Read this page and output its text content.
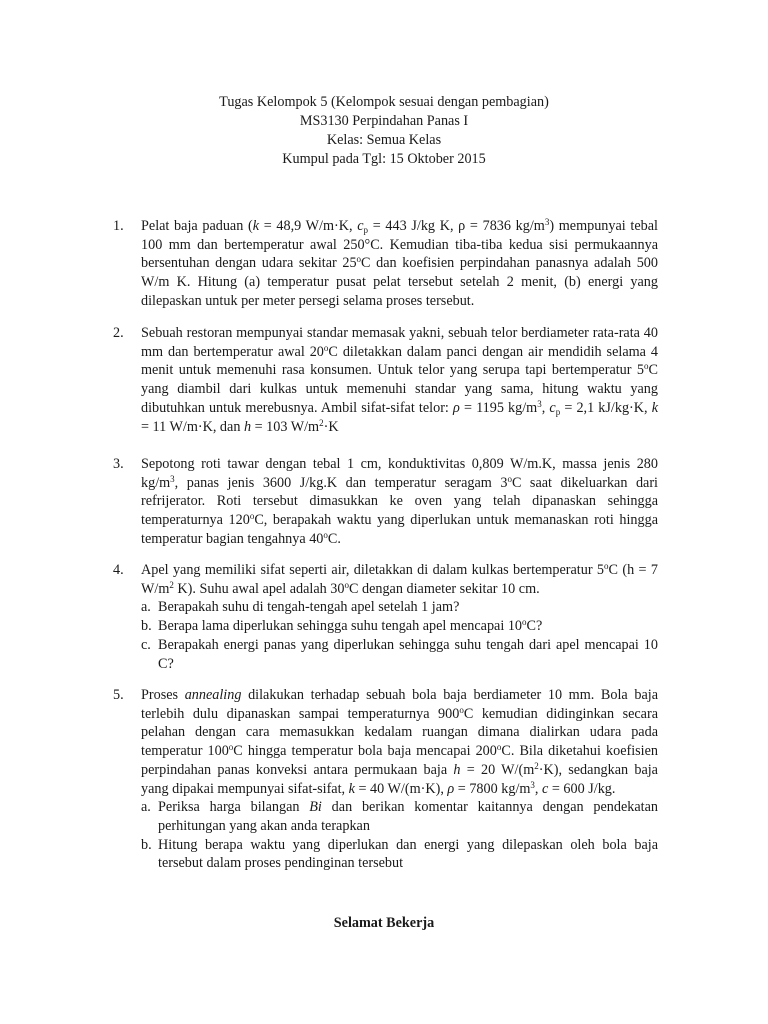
Tugas Kelompok 5 (Kelompok sesuai dengan pembagian)
MS3130 Perpindahan Panas I
Kelas: Semua Kelas
Kumpul pada Tgl: 15 Oktober 2015
1. Pelat baja paduan (k = 48,9 W/m·K, $c_p = 443$ J/kg K, ρ = 7836 $kg/m^3$) mempunyai tebal 100 mm dan bertemperatur awal 250°C. Kemudian tiba-tiba kedua sisi permukaannya bersentuhan dengan udara sekitar 25$^o$C dan koefisien perpindahan panasnya adalah 500 W/m K. Hitung (a) temperatur pusat pelat tersebut setelah 2 menit, (b) energi yang dilepaskan untuk per meter persegi selama proses tersebut.
2. Sebuah restoran mempunyai standar memasak yakni, sebuah telor berdiameter rata-rata 40 mm dan bertemperatur awal 20$^o$C diletakkan dalam panci dengan air mendidih selama 4 menit untuk memenuhi rasa konsumen. Untuk telor yang serupa tapi bertemperatur 5$^o$C yang diambil dari kulkas untuk memenuhi standar yang sama, hitung waktu yang dibutuhkan untuk merebusnya. Ambil sifat-sifat telor: ρ = 1195 $kg/m^3$, $c_p = 2,1$ kJ/kg·K, k = 11 W/m·K, dan h = 103 $W/m^2\cdot K$
3. Sepotong roti tawar dengan tebal 1 cm, konduktivitas 0,809 W/m.K, massa jenis 280 $kg/m^3$, panas jenis 3600 J/kg.K dan temperatur seragam 3$^o$C saat dikeluarkan dari refrijerator. Roti tersebut dimasukkan ke oven yang telah dipanaskan sehingga temperaturnya 120$^o$C, berapakah waktu yang diperlukan untuk memanaskan roti hingga temperatur bagian tengahnya 40$^o$C.
4. Apel yang memiliki sifat seperti air, diletakkan di dalam kulkas bertemperatur 5$^o$C (h = 7 $W/m^2$ K). Suhu awal apel adalah 30$^o$C dengan diameter sekitar 10 cm.

a. Berapakah suhu di tengah-tengah apel setelah 1 jam?
b. Berapa lama diperlukan sehingga suhu tengah apel mencapai 10$^o$C?
c. Berapakah energi panas yang diperlukan sehingga suhu tengah dari apel mencapai 10 C?
5. Proses annealing dilakukan terhadap sebuah bola baja berdiameter 10 mm. Bola baja terlebih dulu dipanaskan sampai temperaturnya 900$^o$C kemudian didinginkan secara pelahan dengan cara memasukkan kedalam ruangan dimana dialirkan udara pada temperatur 100$^o$C hingga temperatur bola baja mencapai 200$^o$C. Bila diketahui koefisien perpindahan panas konveksi antara permukaan baja h = 20 $W/(m^2\cdot K)$, sedangkan baja yang dipakai mempunyai sifat-sifat, k = 40 W/(m·K), ρ = 7800 $kg/m^3$, c = 600 J/kg.

a. Periksa harga bilangan Bi dan berikan komentar kaitannya dengan pendekatan perhitungan yang akan anda terapkan
b. Hitung berapa waktu yang diperlukan dan energi yang dilepaskan oleh bola baja tersebut dalam proses pendinginan tersebut
Selamat Bekerja
